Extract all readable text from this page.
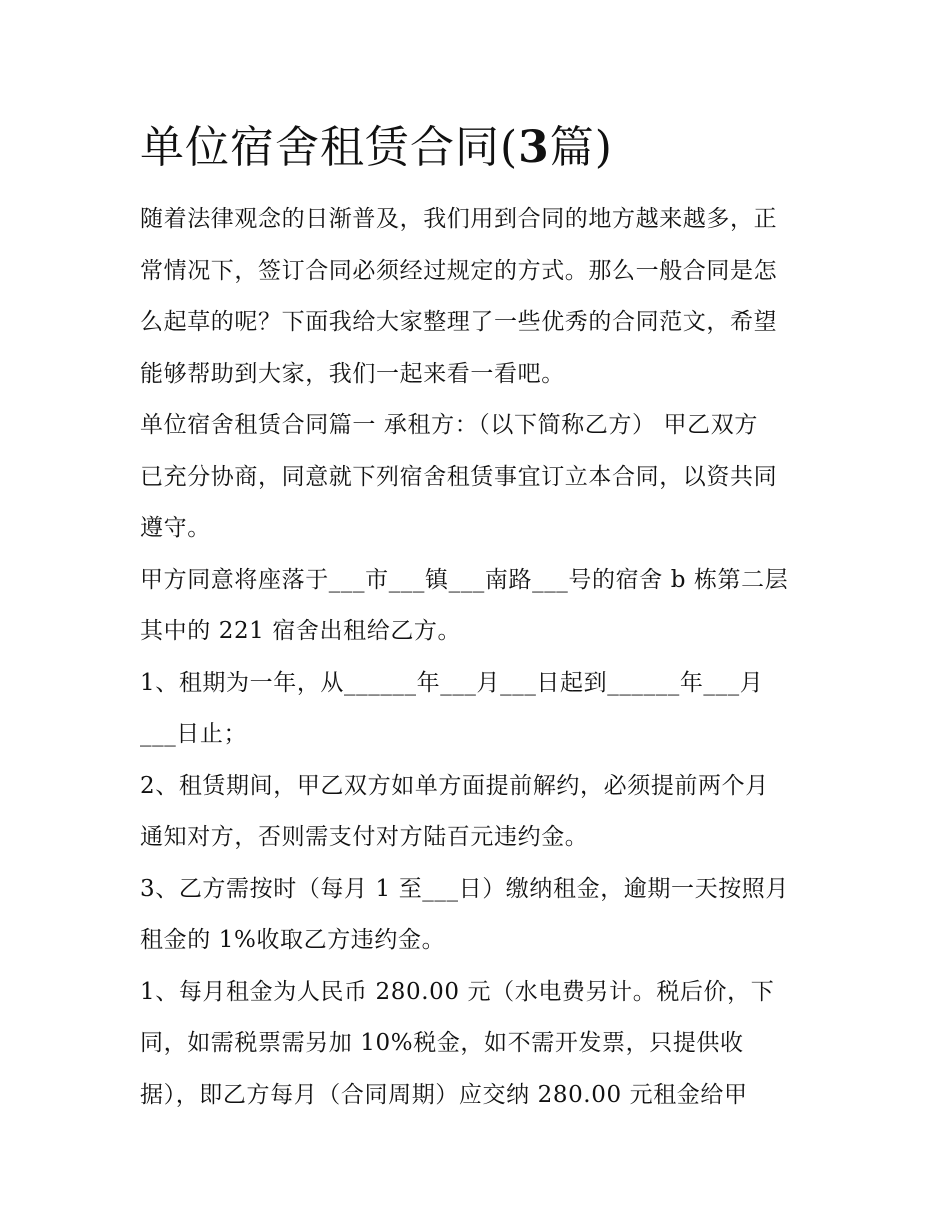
单位宿舍租赁合同(3篇)

随着法律观念的日渐普及，我们用到合同的地方越来越多，正
常情况下，签订合同必须经过规定的方式。那么一般合同是怎
么起草的呢？下面我给大家整理了一些优秀的合同范文，希望
能够帮助到大家，我们一起来看一看吧。

单位宿舍租赁合同篇一 承租方：（以下简称乙方） 甲乙双方
已充分协商，同意就下列宿舍租赁事宜订立本合同，以资共同
遵守。

甲方同意将座落于___市___镇___南路___号的宿舍 b 栋第二层
其中的 221 宿舍出租给乙方。

1、租期为一年，从______年___月___日起到______年___月
___日止；

2、租赁期间，甲乙双方如单方面提前解约，必须提前两个月
通知对方，否则需支付对方陆百元违约金。

3、乙方需按时（每月 1 至___日）缴纳租金，逾期一天按照月
租金的 1%收取乙方违约金。

1、每月租金为人民币 280.00 元（水电费另计。税后价，下
同，如需税票需另加 10%税金，如不需开发票，只提供收
据），即乙方每月（合同周期）应交纳 280.00 元租金给甲
